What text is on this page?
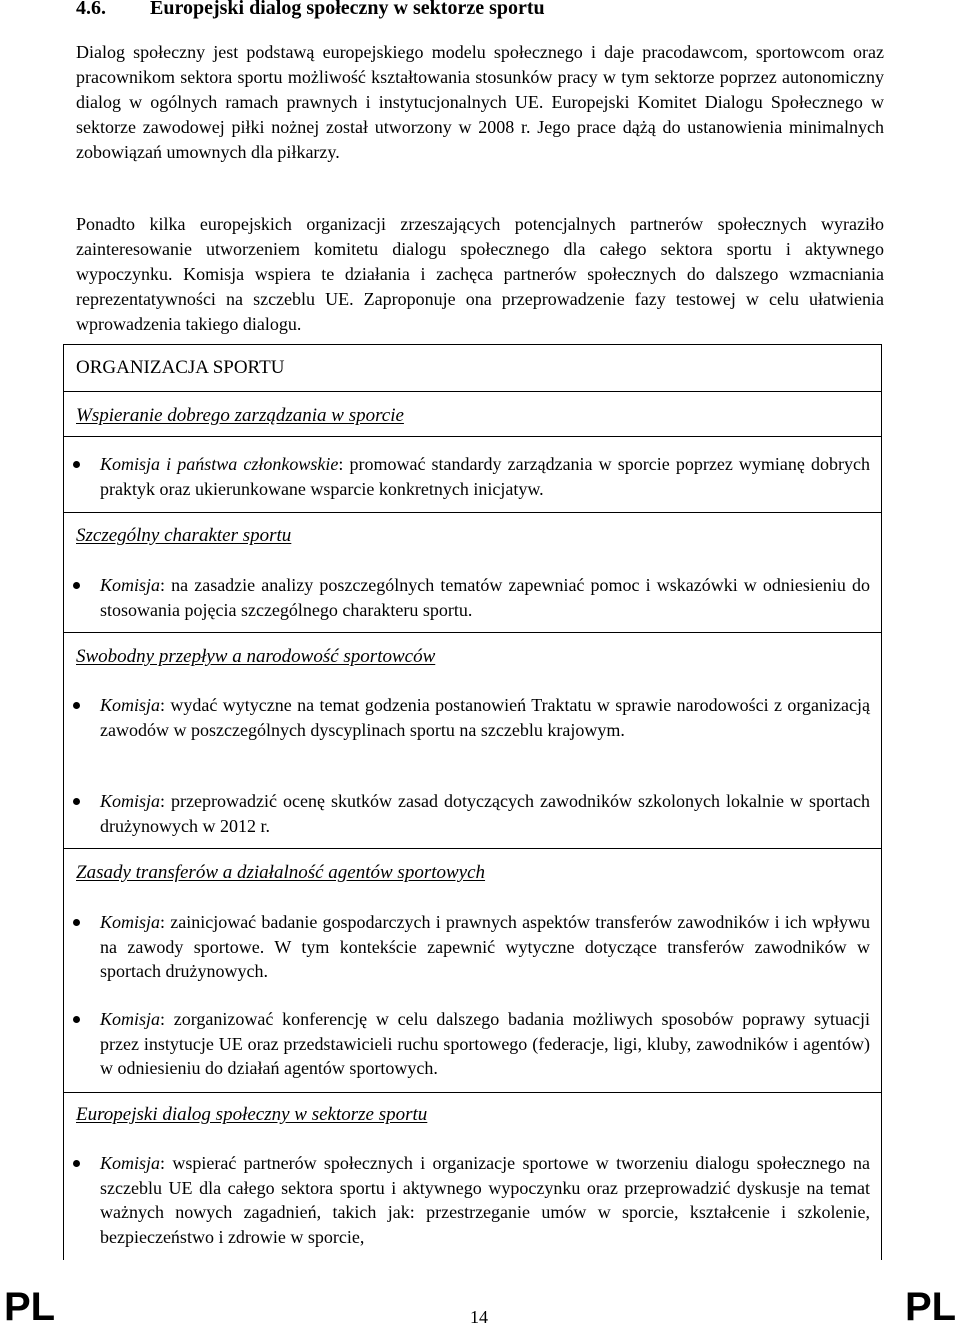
4.6. Europejski dialog społeczny w sektorze sportu

Dialog społeczny jest podstawą europejskiego modelu społecznego i daje pracodawcom, sportowcom oraz pracownikom sektora sportu możliwość kształtowania stosunków pracy w tym sektorze poprzez autonomiczny dialog w ogólnych ramach prawnych i instytucjonalnych UE. Europejski Komitet Dialogu Społecznego w sektorze zawodowej piłki nożnej został utworzony w 2008 r. Jego prace dążą do ustanowienia minimalnych zobowiązań umownych dla piłkarzy.

Ponadto kilka europejskich organizacji zrzeszających potencjalnych partnerów społecznych wyraziło zainteresowanie utworzeniem komitetu dialogu społecznego dla całego sektora sportu i aktywnego wypoczynku. Komisja wspiera te działania i zachęca partnerów społecznych do dalszego wzmacniania reprezentatywności na szczeblu UE. Zaproponuje ona przeprowadzenie fazy testowej w celu ułatwienia wprowadzenia takiego dialogu.

ORGANIZACJA SPORTU

Wspieranie dobrego zarządzania w sporcie

Komisja i państwa członkowskie: promować standardy zarządzania w sporcie poprzez wymianę dobrych praktyk oraz ukierunkowane wsparcie konkretnych inicjatyw.

Szczególny charakter sportu

Komisja: na zasadzie analizy poszczególnych tematów zapewniać pomoc i wskazówki w odniesieniu do stosowania pojęcia szczególnego charakteru sportu.

Swobodny przepływ a narodowość sportowców

Komisja: wydać wytyczne na temat godzenia postanowień Traktatu w sprawie narodowości z organizacją zawodów w poszczególnych dyscyplinach sportu na szczeblu krajowym.

Komisja: przeprowadzić ocenę skutków zasad dotyczących zawodników szkolonych lokalnie w sportach drużynowych w 2012 r.

Zasady transferów a działalność agentów sportowych

Komisja: zainicjować badanie gospodarczych i prawnych aspektów transferów zawodników i ich wpływu na zawody sportowe. W tym kontekście zapewnić wytyczne dotyczące transferów zawodników w sportach drużynowych.

Komisja: zorganizować konferencję w celu dalszego badania możliwych sposobów poprawy sytuacji przez instytucje UE oraz przedstawicieli ruchu sportowego (federacje, ligi, kluby, zawodników i agentów) w odniesieniu do działań agentów sportowych.

Europejski dialog społeczny w sektorze sportu

Komisja: wspierać partnerów społecznych i organizacje sportowe w tworzeniu dialogu społecznego na szczeblu UE dla całego sektora sportu i aktywnego wypoczynku oraz przeprowadzić dyskusje na temat ważnych nowych zagadnień, takich jak: przestrzeganie umów w sporcie, kształcenie i szkolenie, bezpieczeństwo i zdrowie w sporcie,

PL	14	PL
